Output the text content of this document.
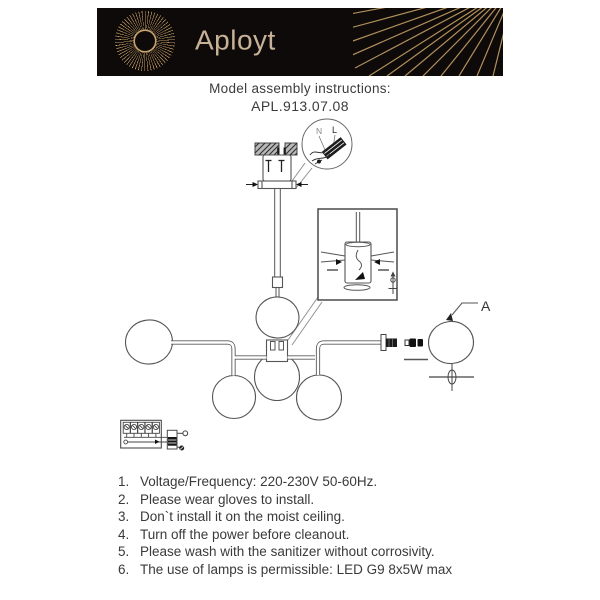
Aployt
Model assembly instructions:
APL.913.07.08
N L
A
1. Voltage/Frequency: 220-230V 50-60Hz.
2. Please wear gloves to install.
3. Don`t install it on the moist ceiling.
4. Turn off the power before cleanout.
5. Please wash with the sanitizer without corrosivity.
6. The use of lamps is permissible: LED G9 8x5W max
